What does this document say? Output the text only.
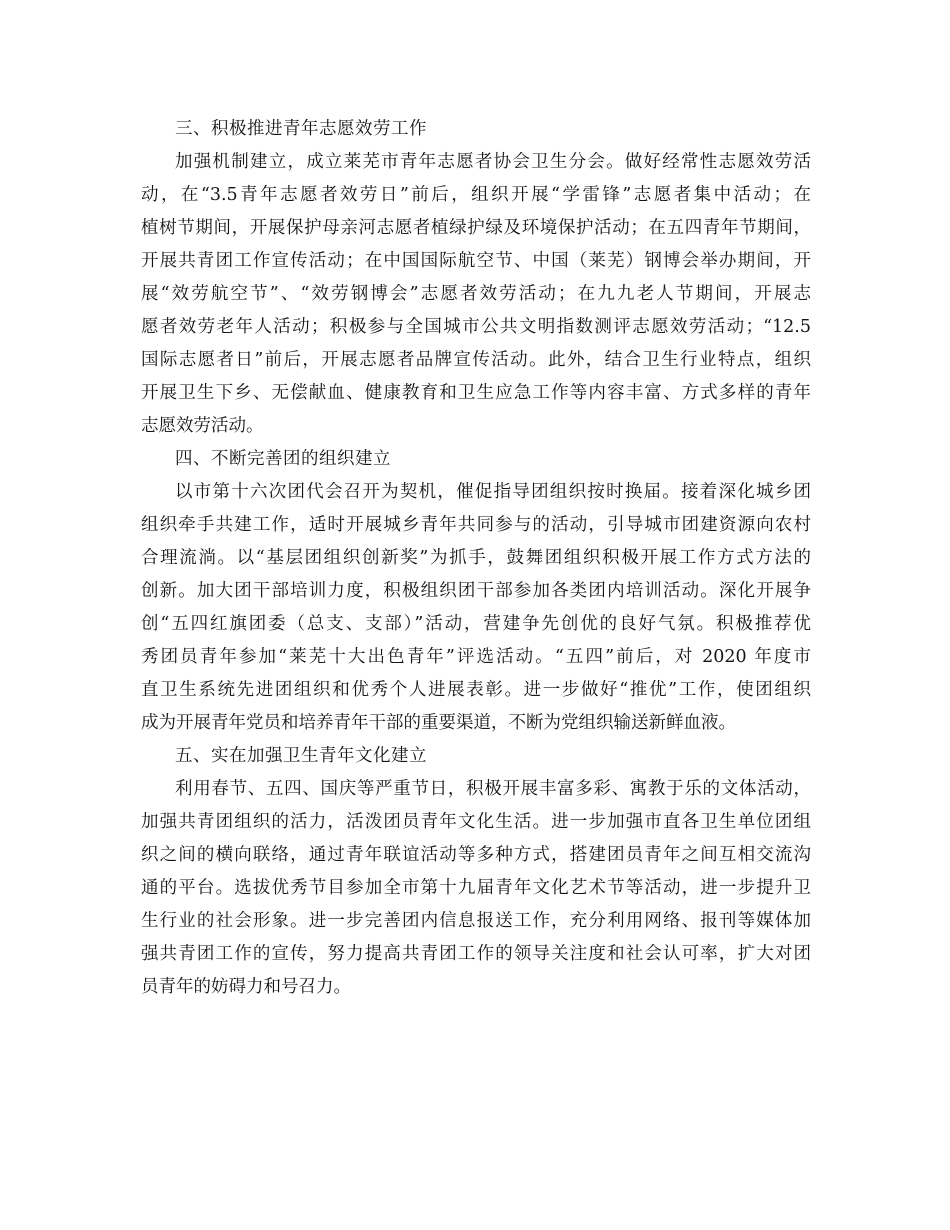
三、积极推进青年志愿效劳工作
加强机制建立，成立莱芜市青年志愿者协会卫生分会。做好经常性志愿效劳活
动，在“3.5青年志愿者效劳日”前后，组织开展“学雷锋”志愿者集中活动；在
植树节期间，开展保护母亲河志愿者植绿护绿及环境保护活动；在五四青年节期间，
开展共青团工作宣传活动；在中国国际航空节、中国（莱芜）钢博会举办期间，开
展“效劳航空节”、“效劳钢博会”志愿者效劳活动；在九九老人节期间，开展志
愿者效劳老年人活动；积极参与全国城市公共文明指数测评志愿效劳活动；“12.5
国际志愿者日”前后，开展志愿者品牌宣传活动。此外，结合卫生行业特点，组织
开展卫生下乡、无偿献血、健康教育和卫生应急工作等内容丰富、方式多样的青年
志愿效劳活动。
四、不断完善团的组织建立
以市第十六次团代会召开为契机，催促指导团组织按时换届。接着深化城乡团
组织牵手共建工作，适时开展城乡青年共同参与的活动，引导城市团建资源向农村
合理流淌。以“基层团组织创新奖”为抓手，鼓舞团组织积极开展工作方式方法的
创新。加大团干部培训力度，积极组织团干部参加各类团内培训活动。深化开展争
创“五四红旗团委（总支、支部）”活动，营建争先创优的良好气氛。积极推荐优
秀团员青年参加“莱芜十大出色青年”评选活动。“五四”前后，对 2020 年度市
直卫生系统先进团组织和优秀个人进展表彰。进一步做好“推优”工作，使团组织
成为开展青年党员和培养青年干部的重要渠道，不断为党组织输送新鲜血液。
五、实在加强卫生青年文化建立
利用春节、五四、国庆等严重节日，积极开展丰富多彩、寓教于乐的文体活动，
加强共青团组织的活力，活泼团员青年文化生活。进一步加强市直各卫生单位团组
织之间的横向联络，通过青年联谊活动等多种方式，搭建团员青年之间互相交流沟
通的平台。选拔优秀节目参加全市第十九届青年文化艺术节等活动，进一步提升卫
生行业的社会形象。进一步完善团内信息报送工作，充分利用网络、报刊等媒体加
强共青团工作的宣传，努力提高共青团工作的领导关注度和社会认可率，扩大对团
员青年的妨碍力和号召力。
